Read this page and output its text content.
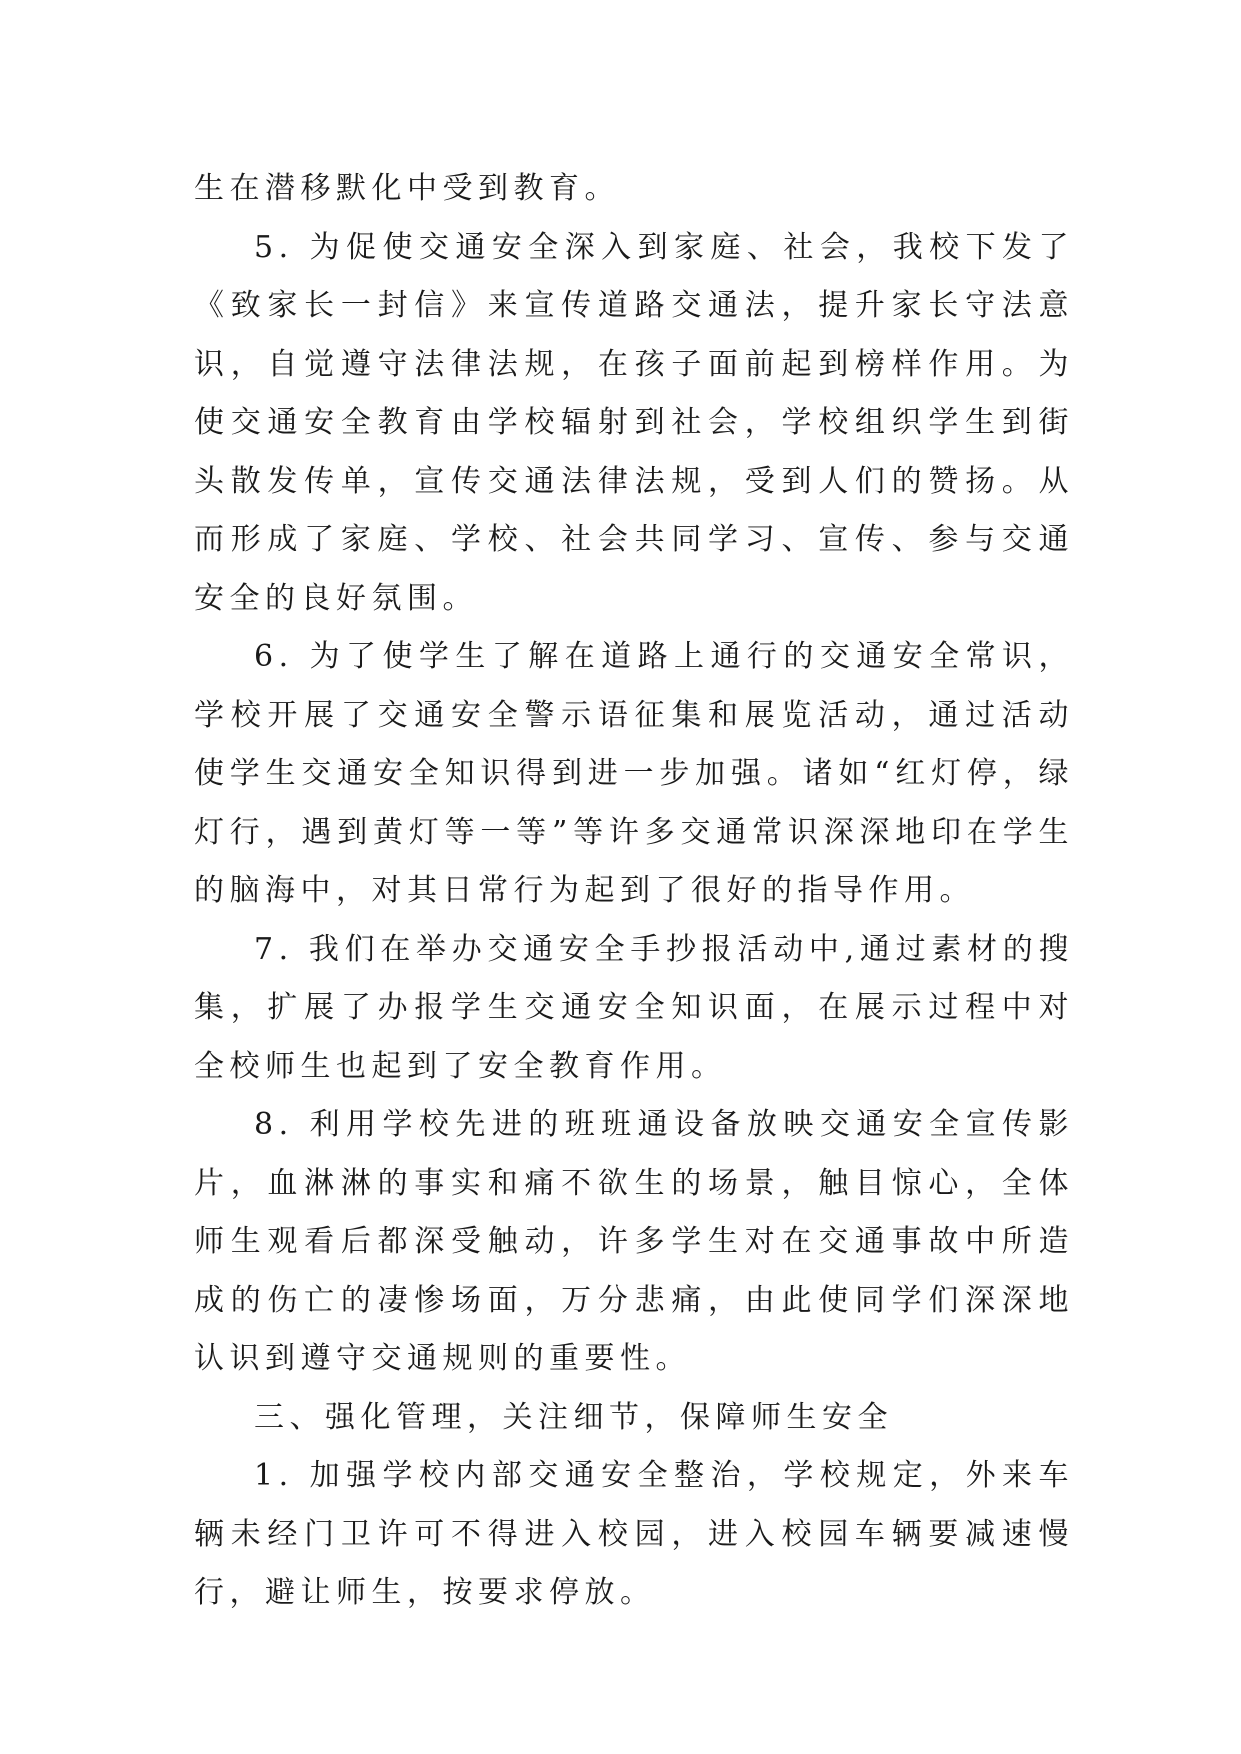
生在潜移默化中受到教育。

5. 为促使交通安全深入到家庭、社会，我校下发了《致家长一封信》来宣传道路交通法，提升家长守法意识，自觉遵守法律法规，在孩子面前起到榜样作用。为使交通安全教育由学校辐射到社会，学校组织学生到街头散发传单，宣传交通法律法规，受到人们的赞扬。从而形成了家庭、学校、社会共同学习、宣传、参与交通安全的良好氛围。

6. 为了使学生了解在道路上通行的交通安全常识，学校开展了交通安全警示语征集和展览活动，通过活动使学生交通安全知识得到进一步加强。诸如“红灯停，绿灯行，遇到黄灯等一等”等许多交通常识深深地印在学生的脑海中，对其日常行为起到了很好的指导作用。

7. 我们在举办交通安全手抄报活动中,通过素材的搜集，扩展了办报学生交通安全知识面，在展示过程中对全校师生也起到了安全教育作用。

8. 利用学校先进的班班通设备放映交通安全宣传影片，血淋淋的事实和痛不欲生的场景，触目惊心，全体师生观看后都深受触动，许多学生对在交通事故中所造成的伤亡的凄惨场面，万分悲痛，由此使同学们深深地认识到遵守交通规则的重要性。

三、强化管理，关注细节，保障师生安全

1. 加强学校内部交通安全整治，学校规定，外来车辆未经门卫许可不得进入校园，进入校园车辆要减速慢行，避让师生，按要求停放。
